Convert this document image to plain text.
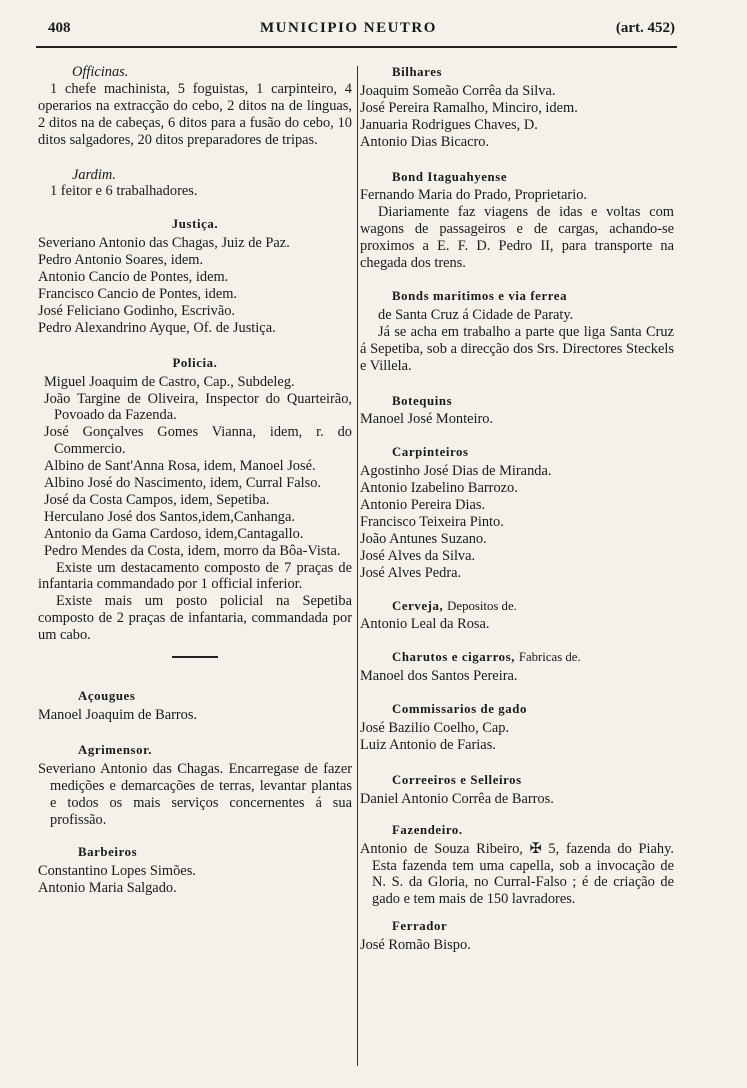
408	MUNICIPIO NEUTRO	(art. 452)

Officinas.

1 chefe machinista, 5 foguistas, 1 carpinteiro, 4 operarios na extracção do cebo, 2 ditos na de linguas, 2 ditos na de cabeças, 6 ditos para a fusão do cebo, 10 ditos salgadores, 20 ditos preparadores de tripas.

Jardim.

1 feitor e 6 trabalhadores.

Justiça.

Severiano Antonio das Chagas, Juiz de Paz.

Pedro Antonio Soares, idem.

Antonio Cancio de Pontes, idem.

Francisco Cancio de Pontes, idem.

José Feliciano Godinho, Escrivão.

Pedro Alexandrino Ayque, Of. de Justiça.

Policia.

Miguel Joaquim de Castro, Cap., Subdeleg.

João Targine de Oliveira, Inspector do Quarteirão, Povoado da Fazenda.

José Gonçalves Gomes Vianna, idem, r. do Commercio.

Albino de Sant'Anna Rosa, idem, Manoel José.

Albino José do Nascimento, idem, Curral Falso.

José da Costa Campos, idem, Sepetiba.

Herculano José dos Santos,idem,Canhanga.

Antonio da Gama Cardoso, idem,Cantagallo.

Pedro Mendes da Costa, idem, morro da Bôa-Vista.

Existe um destacamento composto de 7 praças de infantaria commandado por 1 official inferior.

Existe mais um posto policial na Sepetiba composto de 2 praças de infantaria, commandada por um cabo.

Açougues

Manoel Joaquim de Barros.

Agrimensor.

Severiano Antonio das Chagas. Encarregase de fazer medições e demarcações de terras, levantar plantas e todos os mais serviços concernentes á sua profissão.

Barbeiros

Constantino Lopes Simões.

Antonio Maria Salgado.

Bilhares

Joaquim Someão Corrêa da Silva.

José Pereira Ramalho, Minciro, idem.

Januaria Rodrigues Chaves, D.

Antonio Dias Bicacro.

Bond Itaguahyense

Fernando Maria do Prado, Proprietario.

Diariamente faz viagens de idas e voltas com wagons de passageiros e de cargas, achando-se proximos a E. F. D. Pedro II, para transporte na chegada dos trens.

Bonds maritimos e via ferrea

de Santa Cruz á Cidade de Paraty.

Já se acha em trabalho a parte que liga Santa Cruz á Sepetiba, sob a direcção dos Srs. Directores Steckels e Villela.

Botequins

Manoel José Monteiro.

Carpinteiros

Agostinho José Dias de Miranda.

Antonio Izabelino Barrozo.

Antonio Pereira Dias.

Francisco Teixeira Pinto.

João Antunes Suzano.

José Alves da Silva.

José Alves Pedra.

Cerveja, Depositos de.

Antonio Leal da Rosa.

Charutos e cigarros, Fabricas de.

Manoel dos Santos Pereira.

Commissarios de gado

José Bazilio Coelho, Cap.

Luiz Antonio de Farias.

Correeiros e Selleiros

Daniel Antonio Corrêa de Barros.

Fazendeiro.

Antonio de Souza Ribeiro, ✠ 5, fazenda do Piahy. Esta fazenda tem uma capella, sob a invocação de N. S. da Gloria, no Curral-Falso ; é de criação de gado e tem mais de 150 lavradores.

Ferrador

José Romão Bispo.
